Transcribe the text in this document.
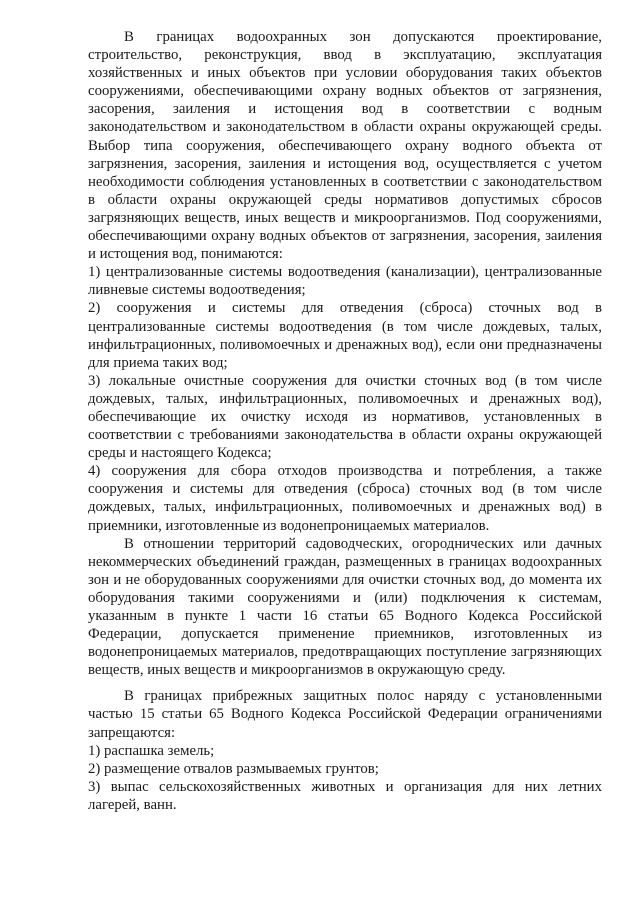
В границах водоохранных зон допускаются проектирование, строительство, реконструкция, ввод в эксплуатацию, эксплуатация хозяйственных и иных объектов при условии оборудования таких объектов сооружениями, обеспечивающими охрану водных объектов от загрязнения, засорения, заиления и истощения вод в соответствии с водным законодательством и законодательством в области охраны окружающей среды. Выбор типа сооружения, обеспечивающего охрану водного объекта от загрязнения, засорения, заиления и истощения вод, осуществляется с учетом необходимости соблюдения установленных в соответствии с законодательством в области охраны окружающей среды нормативов допустимых сбросов загрязняющих веществ, иных веществ и микроорганизмов. Под сооружениями, обеспечивающими охрану водных объектов от загрязнения, засорения, заиления и истощения вод, понимаются:

1) централизованные системы водоотведения (канализации), централизованные ливневые системы водоотведения;

2) сооружения и системы для отведения (сброса) сточных вод в централизованные системы водоотведения (в том числе дождевых, талых, инфильтрационных, поливомоечных и дренажных вод), если они предназначены для приема таких вод;

3) локальные очистные сооружения для очистки сточных вод (в том числе дождевых, талых, инфильтрационных, поливомоечных и дренажных вод), обеспечивающие их очистку исходя из нормативов, установленных в соответствии с требованиями законодательства в области охраны окружающей среды и настоящего Кодекса;

4) сооружения для сбора отходов производства и потребления, а также сооружения и системы для отведения (сброса) сточных вод (в том числе дождевых, талых, инфильтрационных, поливомоечных и дренажных вод) в приемники, изготовленные из водонепроницаемых материалов.

В отношении территорий садоводческих, огороднических или дачных некоммерческих объединений граждан, размещенных в границах водоохранных зон и не оборудованных сооружениями для очистки сточных вод, до момента их оборудования такими сооружениями и (или) подключения к системам, указанным в пункте 1 части 16 статьи 65 Водного Кодекса Российской Федерации, допускается применение приемников, изготовленных из водонепроницаемых материалов, предотвращающих поступление загрязняющих веществ, иных веществ и микроорганизмов в окружающую среду.

В границах прибрежных защитных полос наряду с установленными частью 15 статьи 65 Водного Кодекса Российской Федерации ограничениями запрещаются:

1) распашка земель;

2) размещение отвалов размываемых грунтов;

3) выпас сельскохозяйственных животных и организация для них летних лагерей, ванн.
